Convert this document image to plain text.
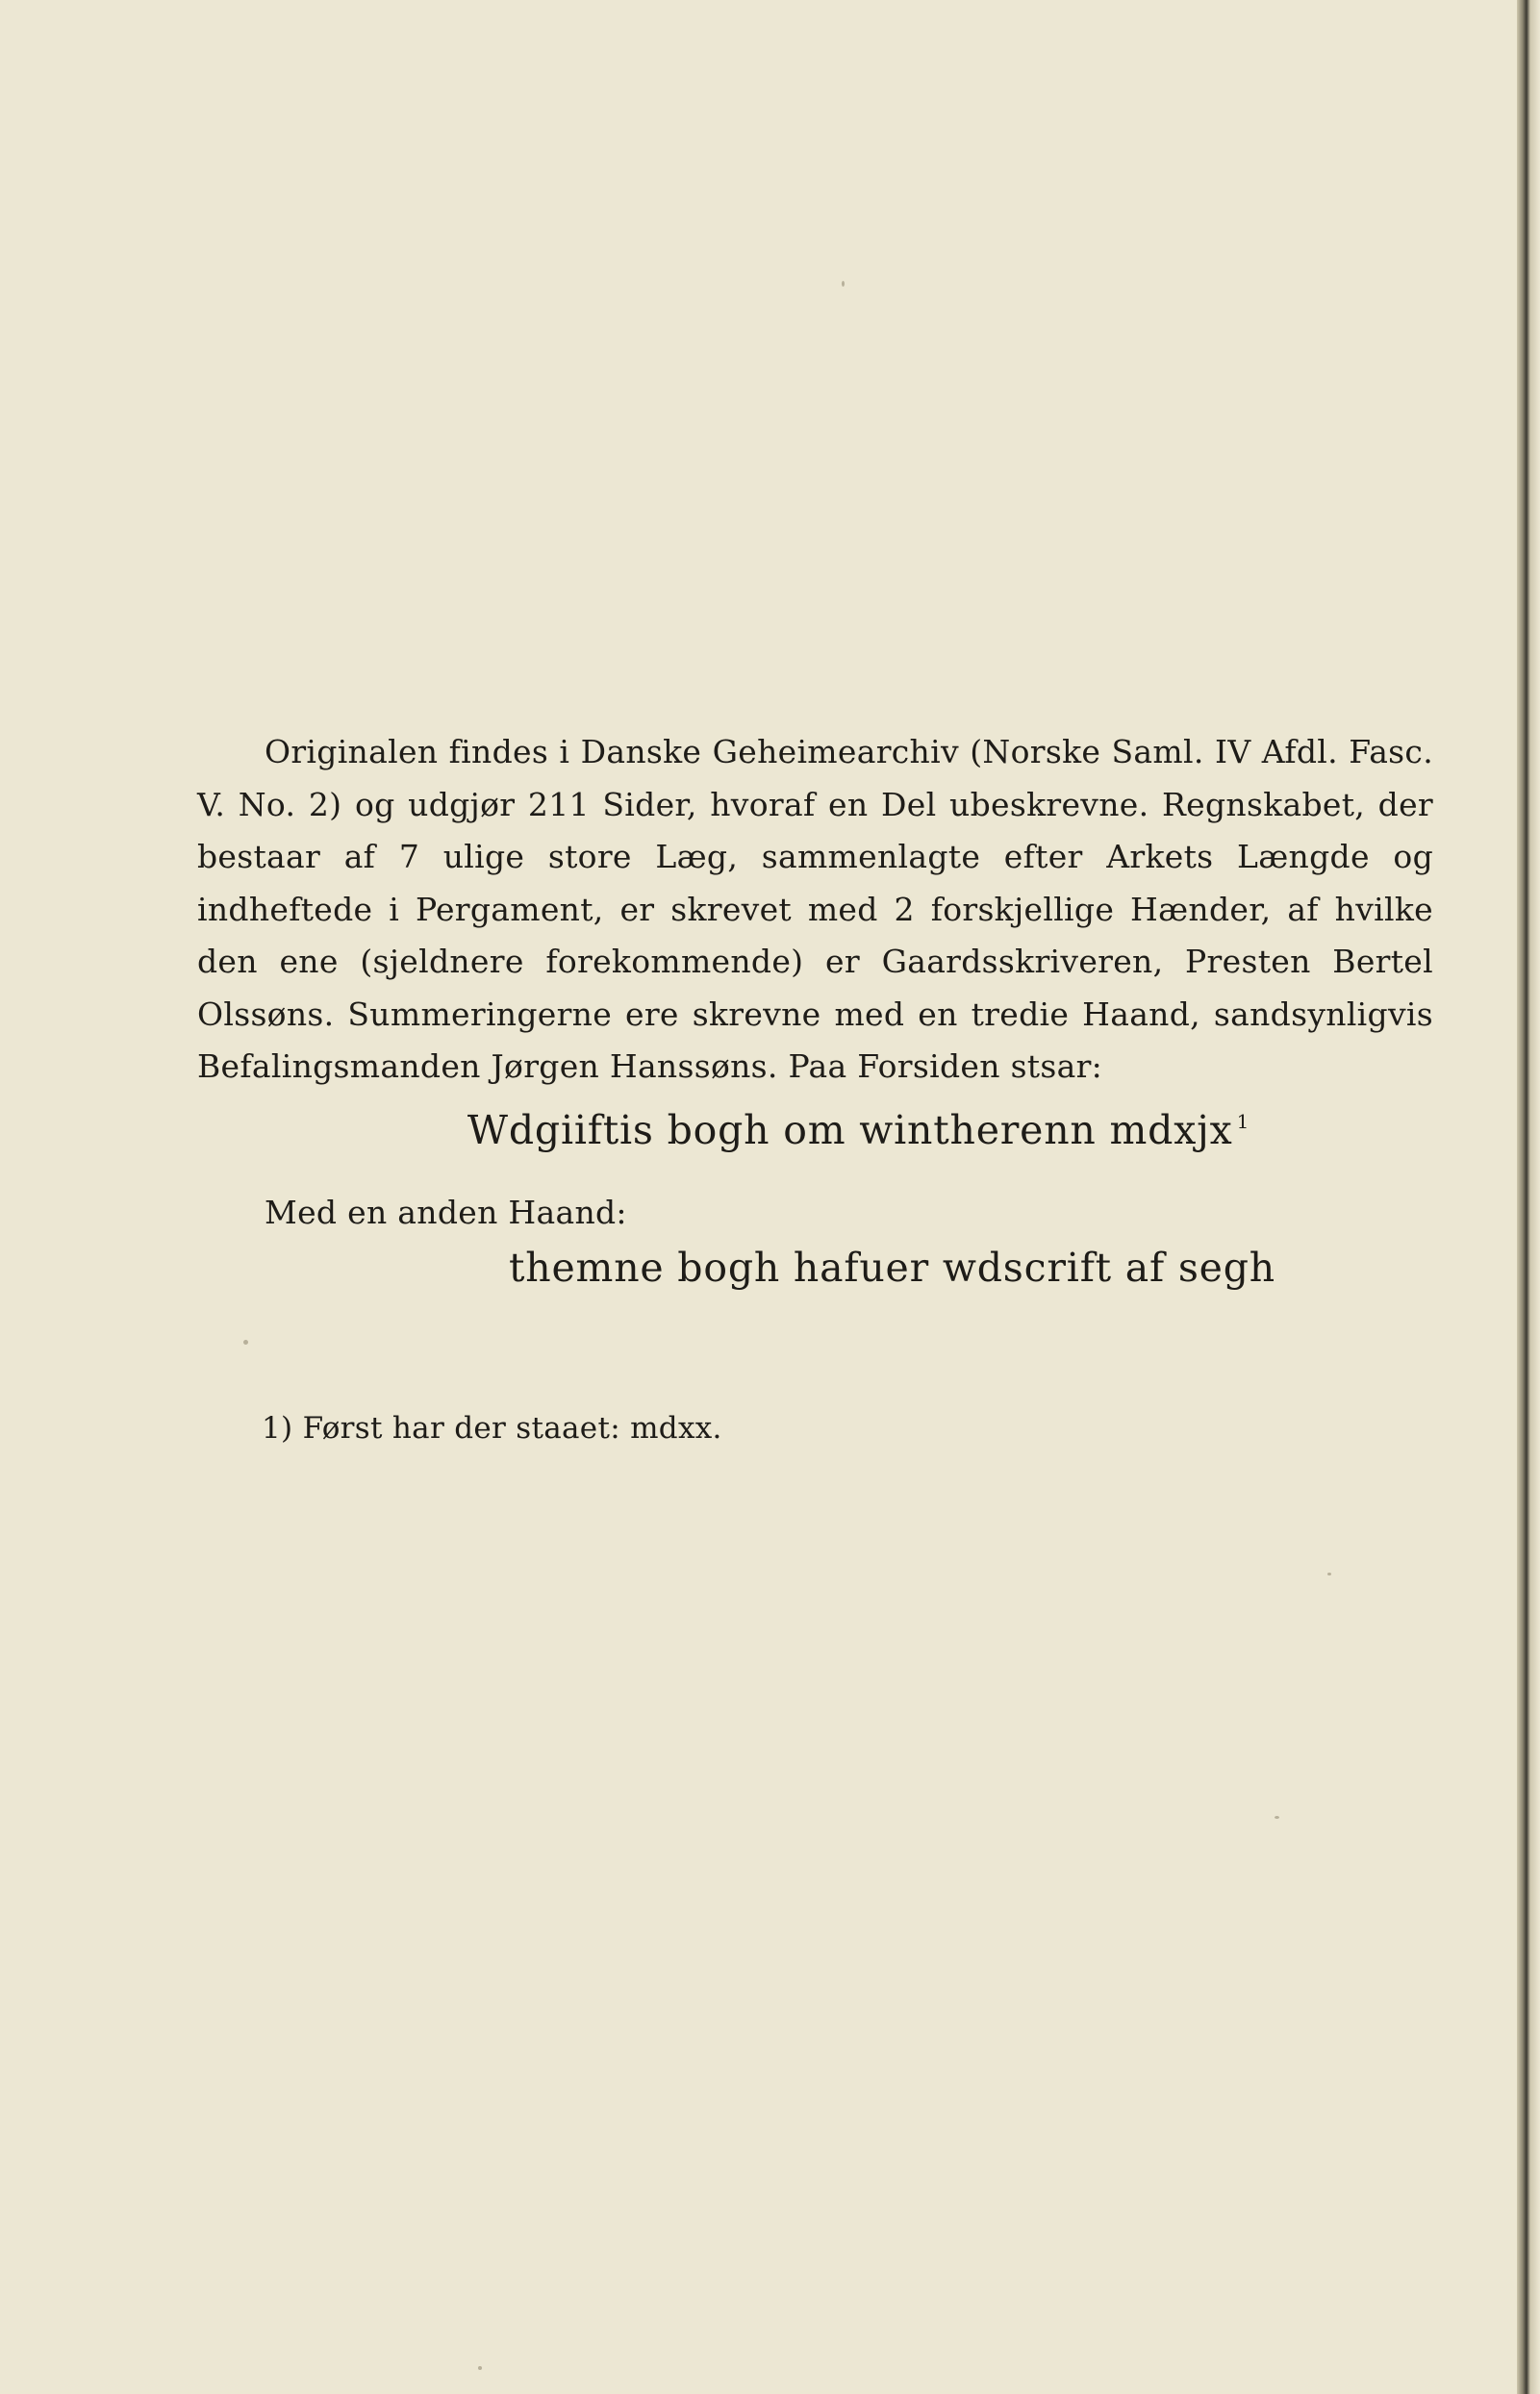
Originalen findes i Danske Geheimearchiv (Norske Saml. IV Afdl. Fasc. V. No. 2) og udgjør 211 Sider, hvoraf en Del ubeskrevne. Regnskabet, der bestaar af 7 ulige store Læg, sammenlagte efter Arkets Længde og indheftede i Pergament, er skrevet med 2 forskjellige Hænder, af hvilke den ene (sjeldnere forekommende) er Gaardsskriveren, Presten Bertel Olssøns. Summeringerne ere skrevne med en tredie Haand, sandsynligvis Befalingsmanden Jørgen Hanssøns. Paa Forsiden stsar:

Wdgiiftis bogh om wintherenn mdxjx $^1$

Med en anden Haand:

themne bogh hafuer wdscrift af segh

1) Først har der staaet: mdxx.
